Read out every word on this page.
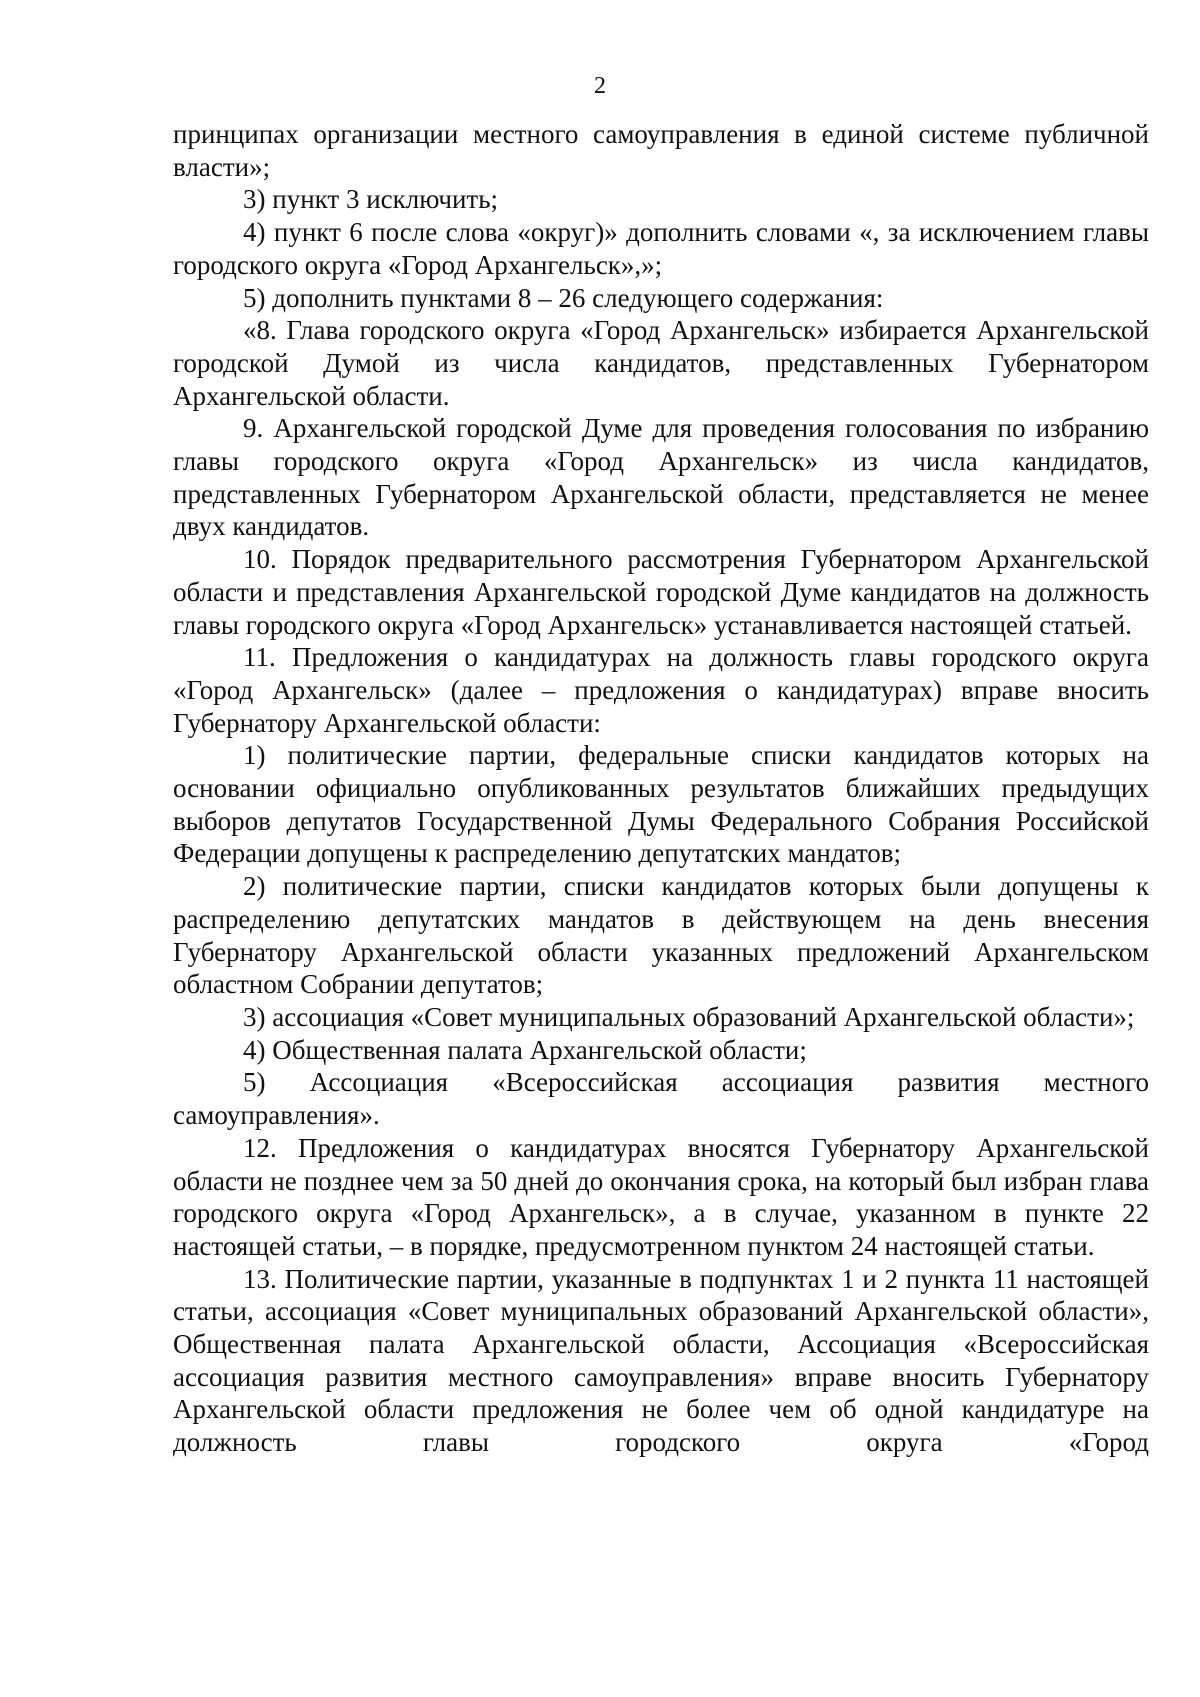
2

принципах организации местного самоуправления в единой системе публичной власти»;

3) пункт 3 исключить;

4) пункт 6 после слова «округ)» дополнить словами «, за исключением главы городского округа «Город Архангельск»,»;

5) дополнить пунктами 8 – 26 следующего содержания:

«8. Глава городского округа «Город Архангельск» избирается Архангельской городской Думой из числа кандидатов, представленных Губернатором Архангельской области.

9. Архангельской городской Думе для проведения голосования по избранию главы городского округа «Город Архангельск» из числа кандидатов, представленных Губернатором Архангельской области, представляется не менее двух кандидатов.

10. Порядок предварительного рассмотрения Губернатором Архангельской области и представления Архангельской городской Думе кандидатов на должность главы городского округа «Город Архангельск» устанавливается настоящей статьей.

11. Предложения о кандидатурах на должность главы городского округа «Город Архангельск» (далее – предложения о кандидатурах) вправе вносить Губернатору Архангельской области:

1) политические партии, федеральные списки кандидатов которых на основании официально опубликованных результатов ближайших предыдущих выборов депутатов Государственной Думы Федерального Собрания Российской Федерации допущены к распределению депутатских мандатов;

2) политические партии, списки кандидатов которых были допущены к распределению депутатских мандатов в действующем на день внесения Губернатору Архангельской области указанных предложений Архангельском областном Собрании депутатов;

3) ассоциация «Совет муниципальных образований Архангельской области»;

4) Общественная палата Архангельской области;

5) Ассоциация «Всероссийская ассоциация развития местного самоуправления».

12. Предложения о кандидатурах вносятся Губернатору Архангельской области не позднее чем за 50 дней до окончания срока, на который был избран глава городского округа «Город Архангельск», а в случае, указанном в пункте 22 настоящей статьи, – в порядке, предусмотренном пунктом 24 настоящей статьи.

13. Политические партии, указанные в подпунктах 1 и 2 пункта 11 настоящей статьи, ассоциация «Совет муниципальных образований Архангельской области», Общественная палата Архангельской области, Ассоциация «Всероссийская ассоциация развития местного самоуправления» вправе вносить Губернатору Архангельской области предложения не более чем об одной кандидатуре на должность главы городского округа «Город
